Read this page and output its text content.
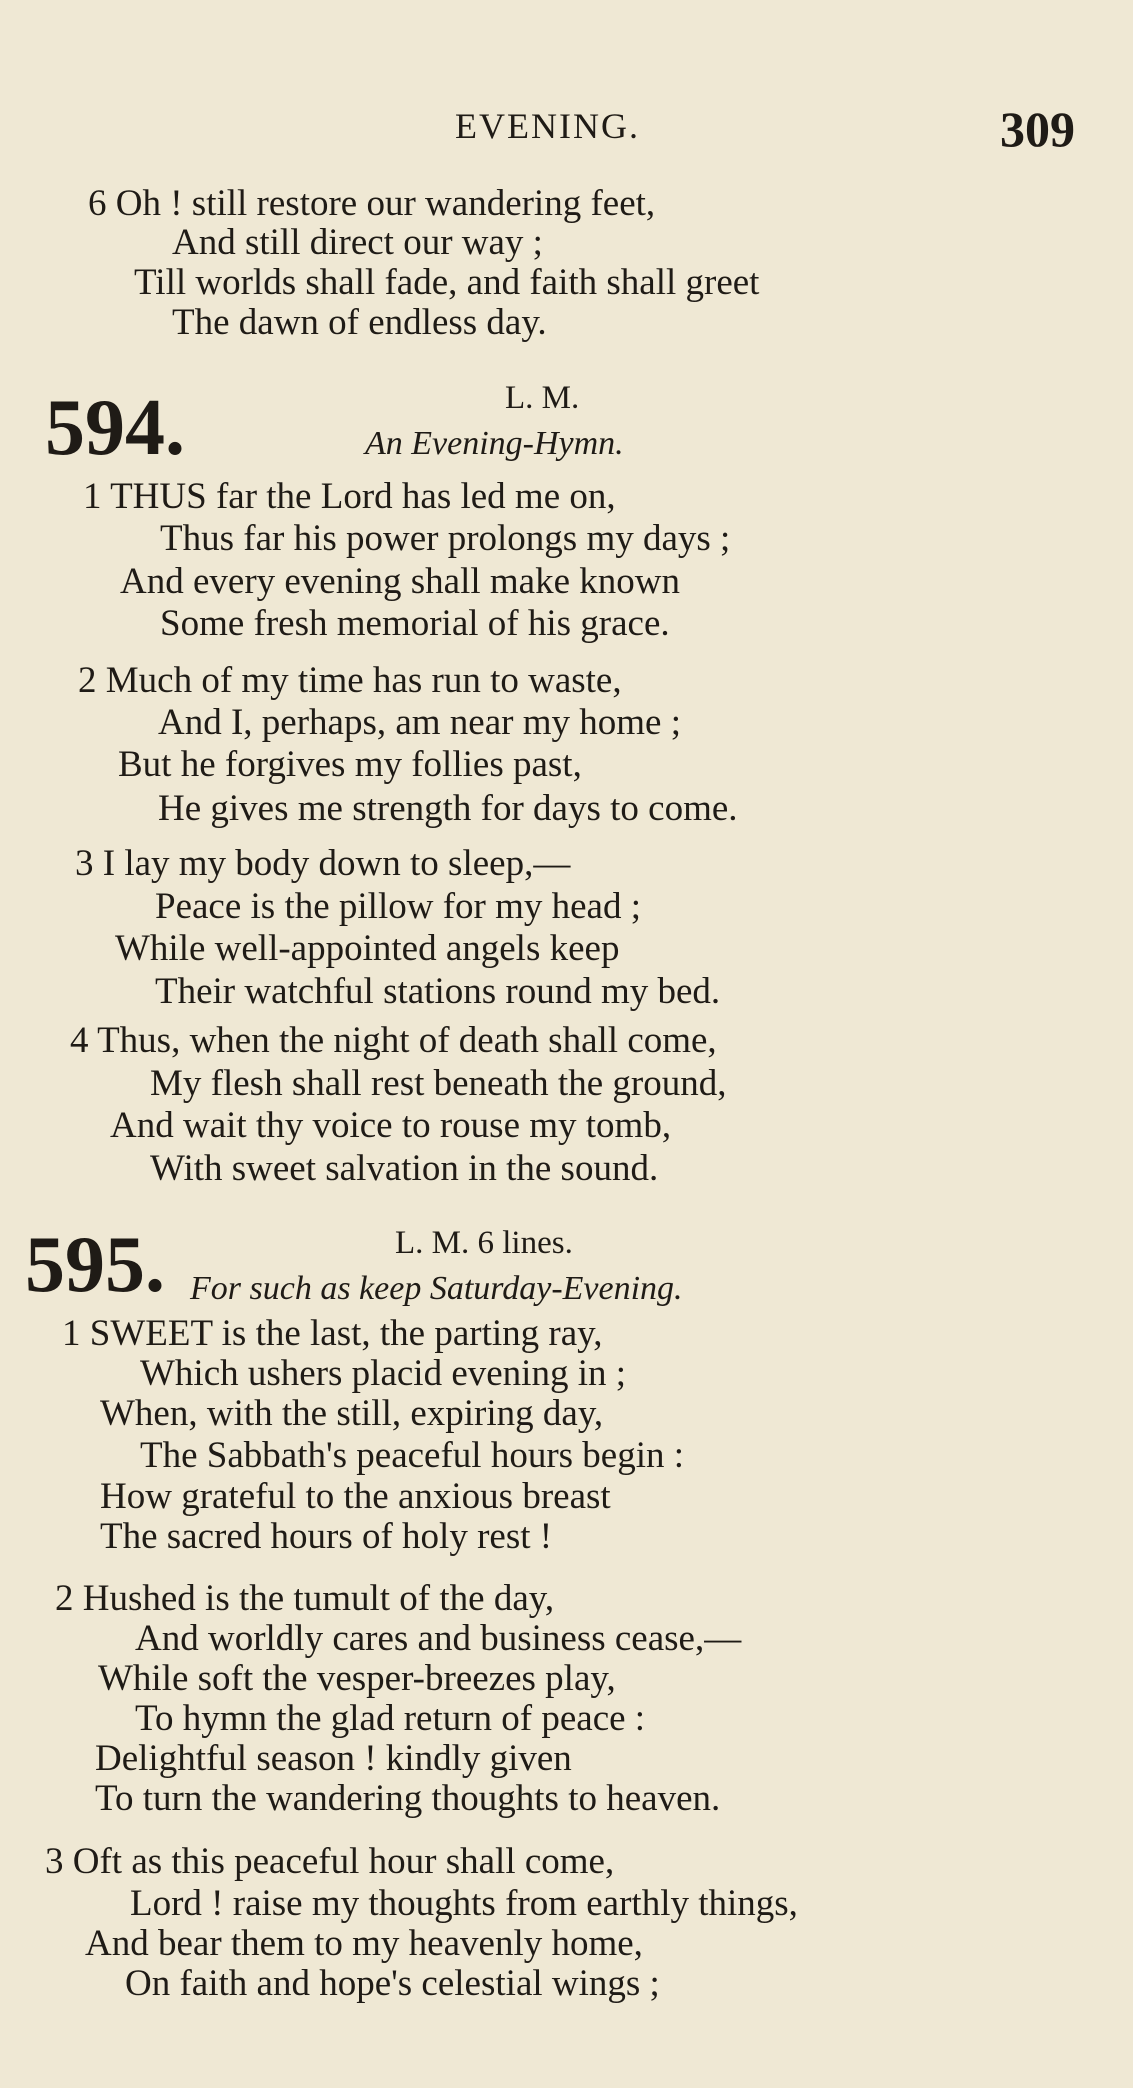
EVENING.	309
6 Oh ! still restore our wandering feet,
And still direct our way ;
Till worlds shall fade, and faith shall greet
The dawn of endless day.
594.	L. M.
An Evening-Hymn.
1 THUS far the Lord has led me on,
Thus far his power prolongs my days ;
And every evening shall make known
Some fresh memorial of his grace.
2 Much of my time has run to waste,
And I, perhaps, am near my home ;
But he forgives my follies past,
He gives me strength for days to come.
3 I lay my body down to sleep,—
Peace is the pillow for my head ;
While well-appointed angels keep
Their watchful stations round my bed.
4 Thus, when the night of death shall come,
My flesh shall rest beneath the ground,
And wait thy voice to rouse my tomb,
With sweet salvation in the sound.
595.	L. M. 6 lines.
For such as keep Saturday-Evening.
1 SWEET is the last, the parting ray,
Which ushers placid evening in ;
When, with the still, expiring day,
The Sabbath's peaceful hours begin :
How grateful to the anxious breast
The sacred hours of holy rest !
2 Hushed is the tumult of the day,
And worldly cares and business cease,—
While soft the vesper-breezes play,
To hymn the glad return of peace :
Delightful season ! kindly given
To turn the wandering thoughts to heaven.
3 Oft as this peaceful hour shall come,
Lord ! raise my thoughts from earthly things,
And bear them to my heavenly home,
On faith and hope's celestial wings ;
